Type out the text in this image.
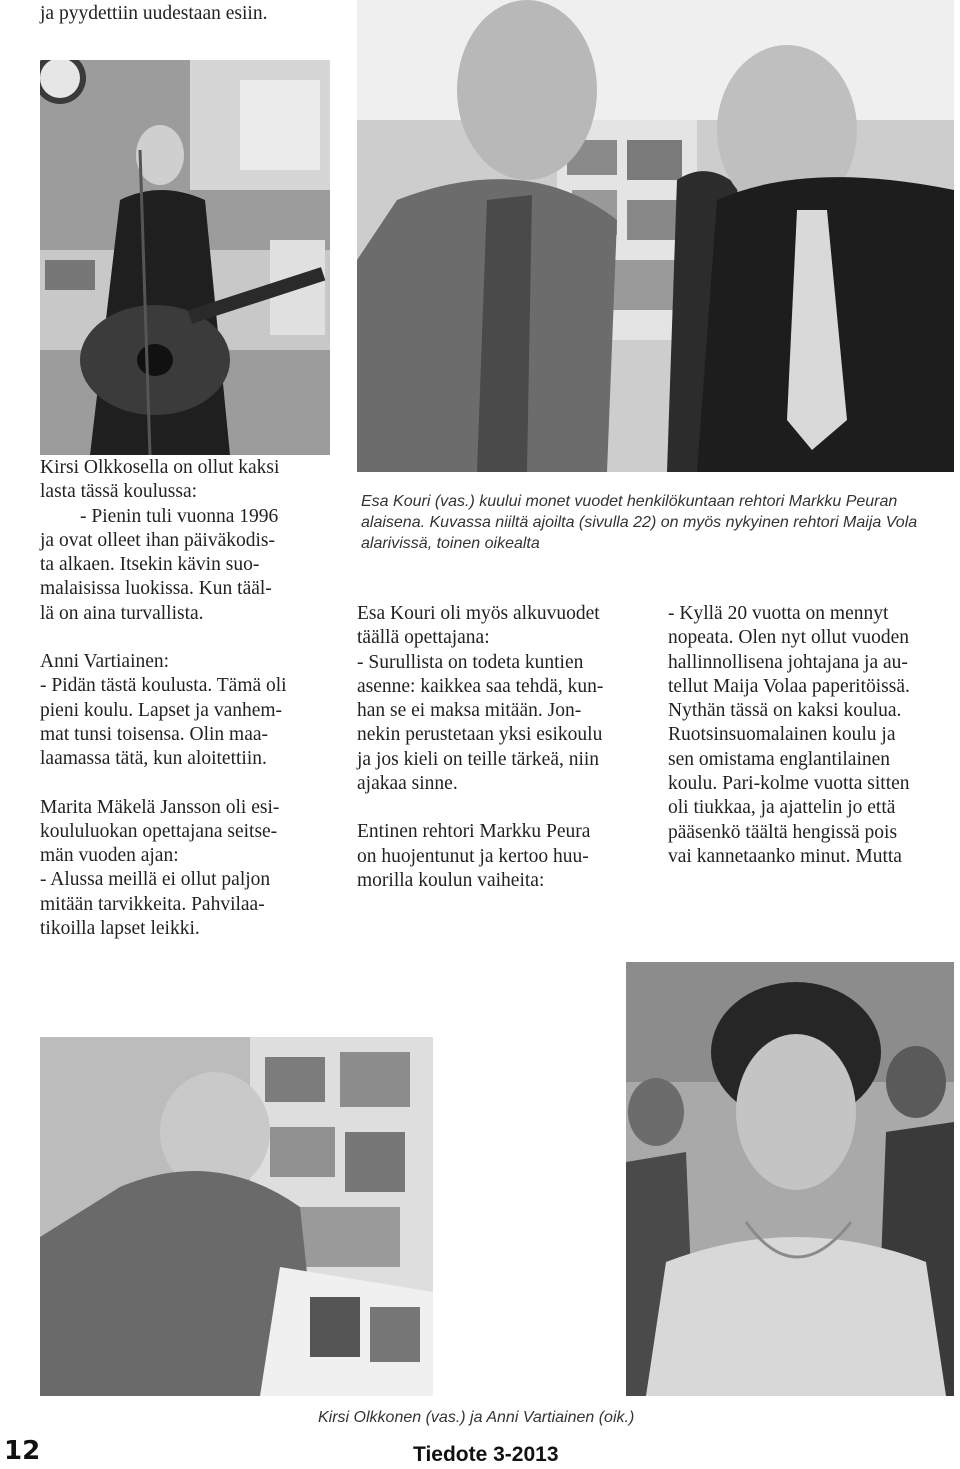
ja pyydettiin uudestaan esiin.
Esa Kouri (vas.) kuului monet vuodet henkilökuntaan rehtori Markku Peuran alaisena. Kuvassa niiltä ajoilta (sivulla 22) on myös nykyinen rehtori Maija Vola alarivissä, toinen oikealta

Kirsi Olkkosella on ollut kaksi
lasta tässä koulussa:
- Pienin tuli vuonna 1996
ja ovat olleet ihan päiväkodis-
ta alkaen. Itsekin kävin suo-
malaisissa luokissa. Kun tääl-
lä on aina turvallista.

Anni Vartiainen:
- Pidän tästä koulusta. Tämä oli
pieni koulu. Lapset ja vanhem-
mat tunsi toisensa. Olin maa-
laamassa tätä, kun aloitettiin.

Marita Mäkelä Jansson oli esi-
koululuokan opettajana seitse-
män vuoden ajan:
- Alussa meillä ei ollut paljon
mitään tarvikkeita. Pahvilaa-
tikoilla lapset leikki.

Esa Kouri oli myös alkuvuodet
täällä opettajana:
- Surullista on todeta kuntien
asenne: kaikkea saa tehdä, kun-
han se ei maksa mitään. Jon-
nekin perustetaan yksi esikoulu
ja jos kieli on teille tärkeä, niin
ajakaa sinne.

Entinen rehtori Markku Peura
on huojentunut ja kertoo huu-
morilla koulun vaiheita:

- Kyllä 20 vuotta on mennyt
nopeata. Olen nyt ollut vuoden
hallinnollisena johtajana ja au-
tellut Maija Volaa paperitöissä.
Nythän tässä on kaksi koulua.
Ruotsinsuomalainen koulu ja
sen omistama englantilainen
koulu. Pari-kolme vuotta sitten
oli tiukkaa, ja ajattelin jo että
pääsenkö täältä hengissä pois
vai kannetaanko minut. Mutta

Kirsi Olkkonen (vas.) ja Anni Vartiainen (oik.)
12	Tiedote 3-2013
